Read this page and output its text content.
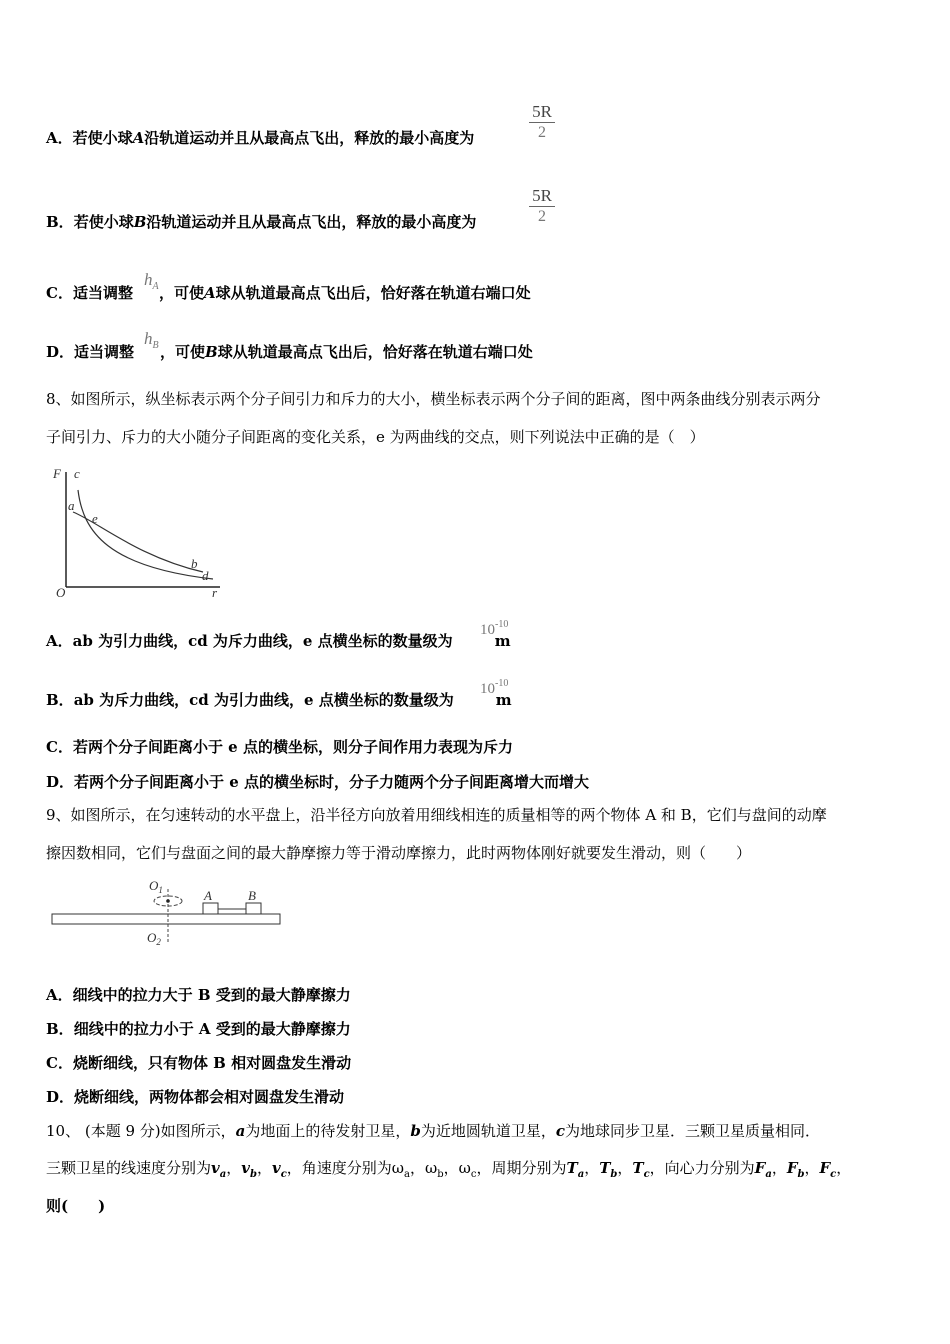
A．若使小球A沿轨道运动并且从最高点飞出，释放的最小高度为	$\frac{5R}{2}$
B．若使小球B沿轨道运动并且从最高点飞出，释放的最小高度为	$\frac{5R}{2}$
C．适当调整 ，可使A球从轨道最高点飞出后，恰好落在轨道右端口处
$h_A$
D．适当调整 ，可使B球从轨道最高点飞出后，恰好落在轨道右端口处
$h_B$
8、如图所示，纵坐标表示两个分子间引力和斥力的大小，横坐标表示两个分子间的距离，图中两条曲线分别表示两分
子间引力、斥力的大小随分子间距离的变化关系，e 为两曲线的交点，则下列说法中正确的是（　）
F c
a
e
b
d
O	r
A．ab 为引力曲线，cd 为斥力曲线，e 点横坐标的数量级为	m
$10^{-10}$
B．ab 为斥力曲线，cd 为引力曲线，e 点横坐标的数量级为	m
$10^{-10}$
C．若两个分子间距离小于 e 点的横坐标，则分子间作用力表现为斥力
D．若两个分子间距离小于 e 点的横坐标时，分子力随两个分子间距离增大而增大
9、如图所示，在匀速转动的水平盘上，沿半径方向放着用细线相连的质量相等的两个物体 A 和 B，它们与盘间的动摩
擦因数相同，它们与盘面之间的最大静摩擦力等于滑动摩擦力，此时两物体刚好就要发生滑动，则（　　）
$O_1$
$O_2$
A	B
A．细线中的拉力大于 B 受到的最大静摩擦力
B．细线中的拉力小于 A 受到的最大静摩擦力
C．烧断细线，只有物体 B 相对圆盘发生滑动
D．烧断细线，两物体都会相对圆盘发生滑动
10、 (本题 9 分)如图所示，a为地面上的待发射卫星，b为近地圆轨道卫星，c为地球同步卫星．三颗卫星质量相同．
三颗卫星的线速度分别为$v_a$，$v_b$，$v_c$，角速度分别为$\omega_a$，$\omega_b$，$\omega_c$，周期分别为$T_a$，$T_b$，$T_c$，向心力分别为$F_a$，$F_b$，$F_c$，
则(　　)
